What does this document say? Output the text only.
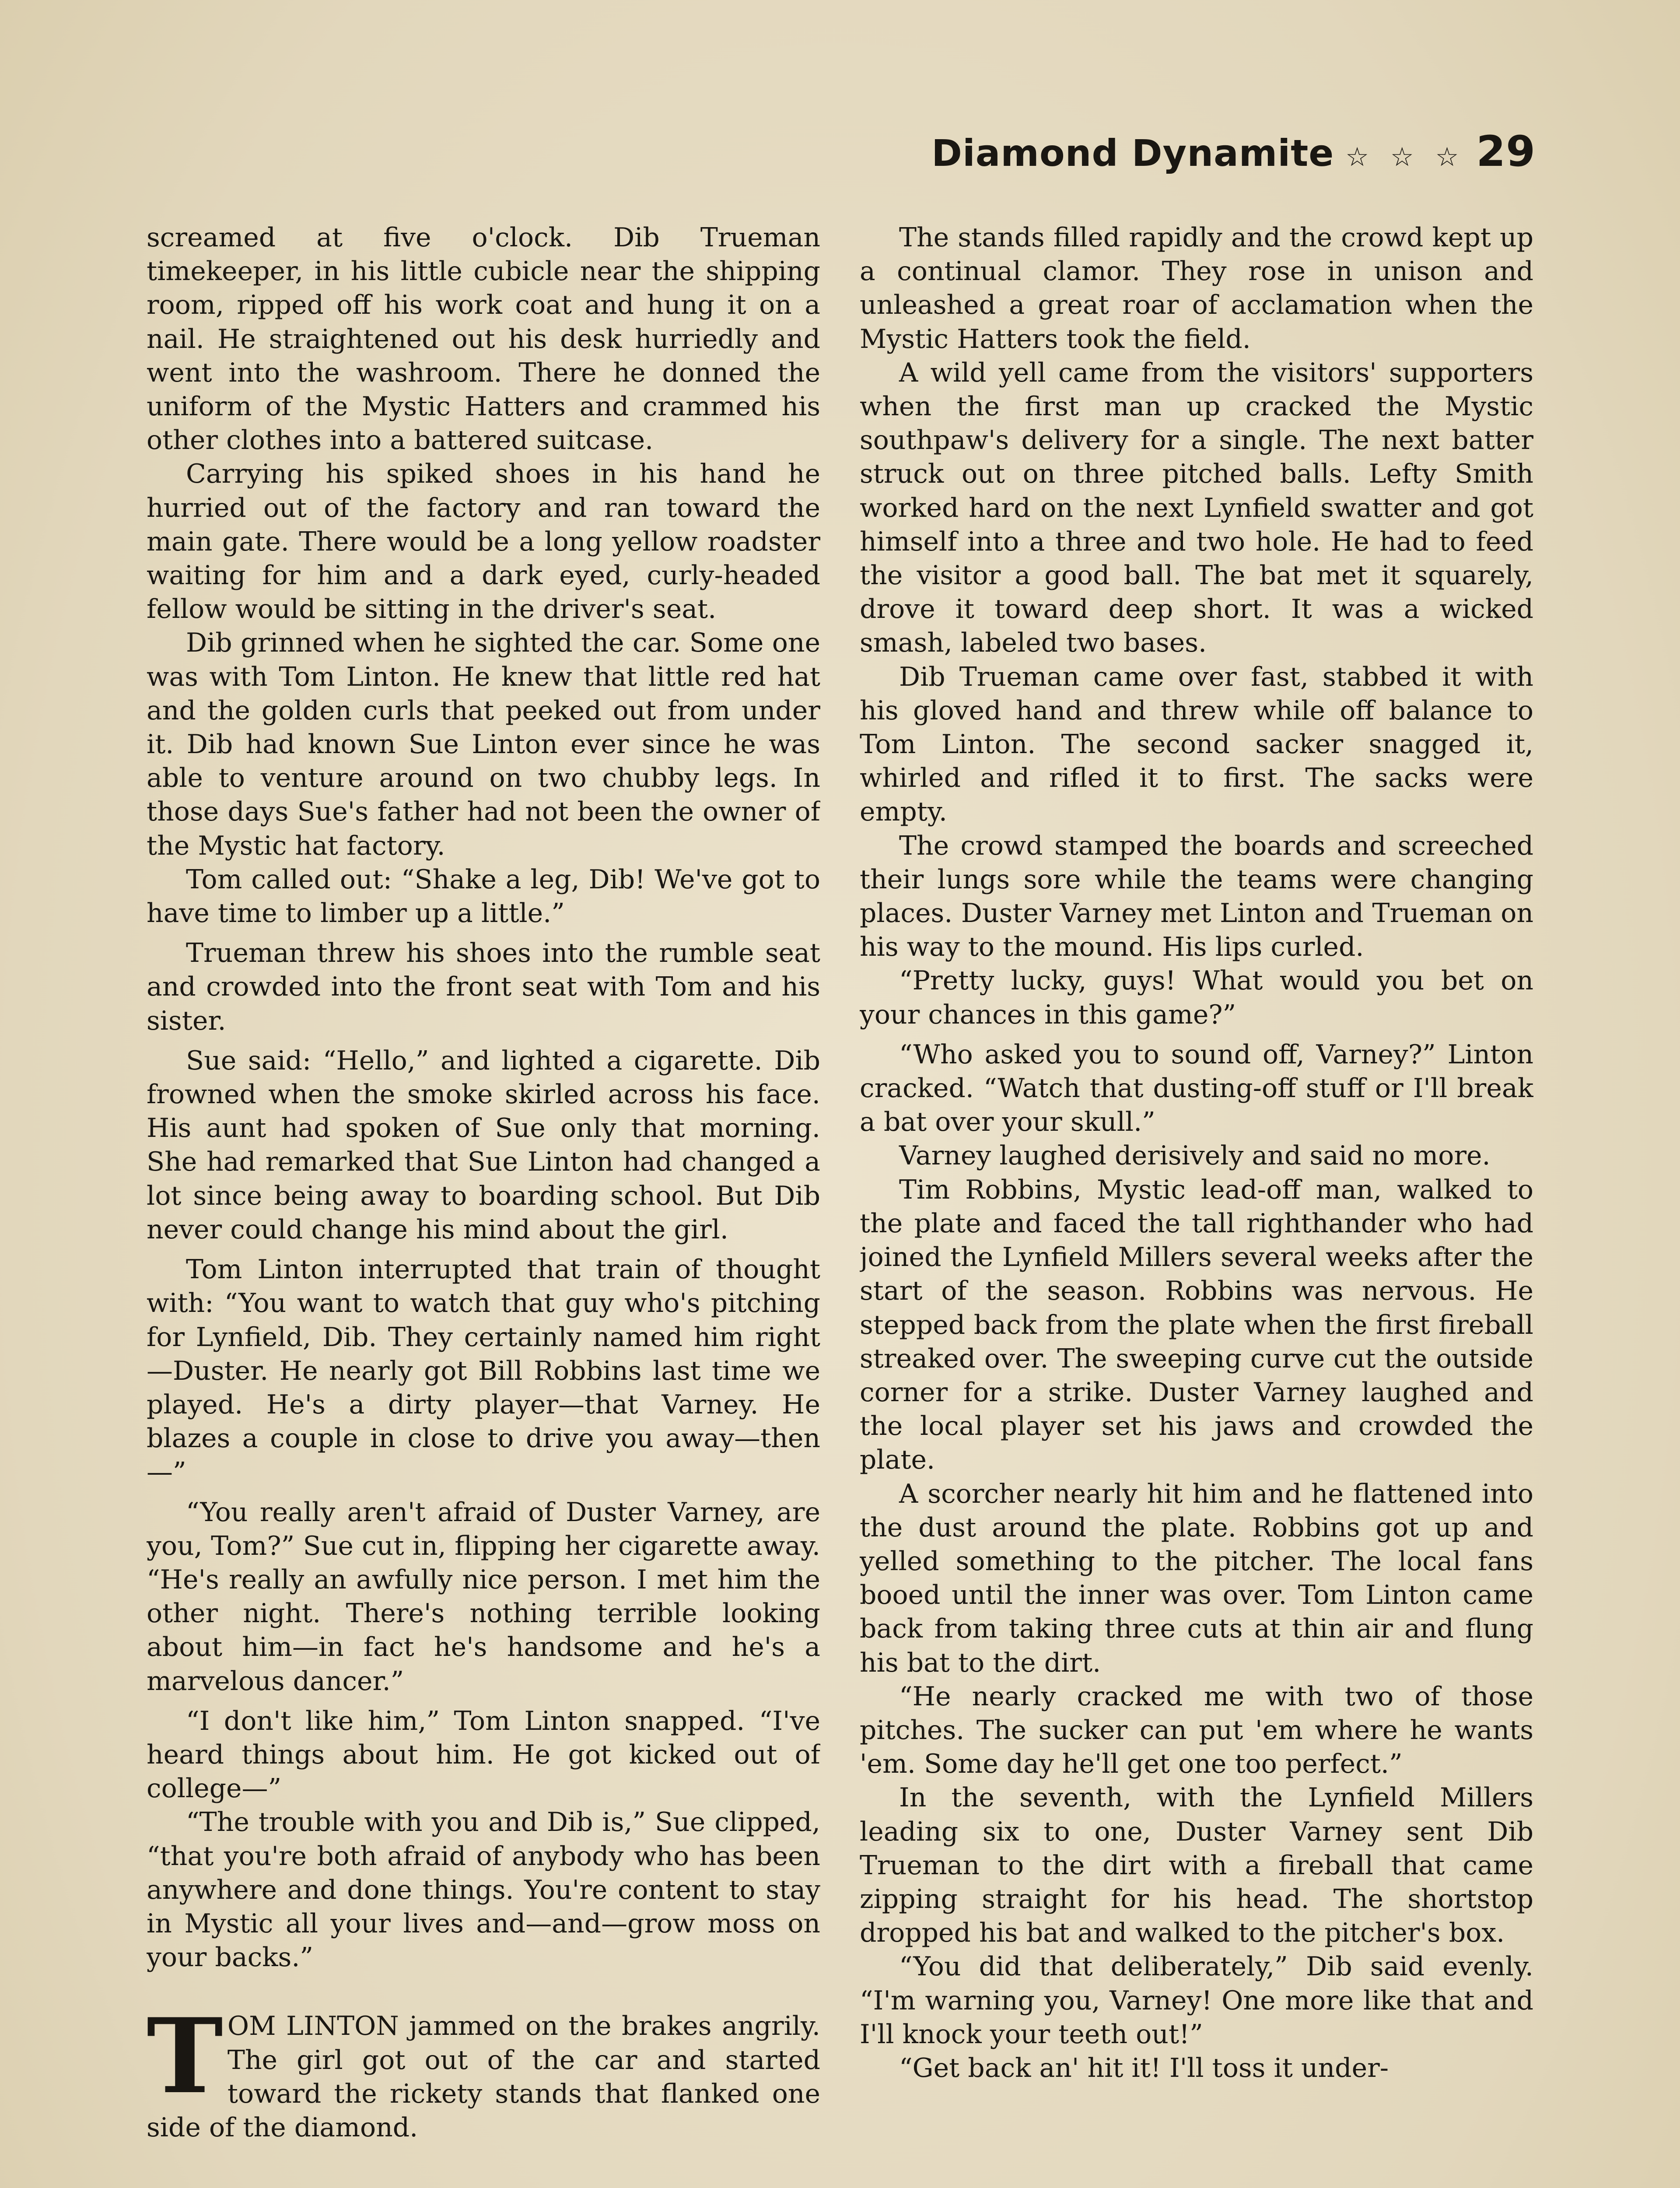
Diamond Dynamite ☆ ☆ ☆ 29

screamed at five o'clock. Dib Trueman timekeeper, in his little cubicle near the shipping room, ripped off his work coat and hung it on a nail. He straightened out his desk hurriedly and went into the washroom. There he donned the uniform of the Mystic Hatters and crammed his other clothes into a battered suitcase.

Carrying his spiked shoes in his hand he hurried out of the factory and ran toward the main gate. There would be a long yellow roadster waiting for him and a dark eyed, curly-headed fellow would be sitting in the driver's seat.

Dib grinned when he sighted the car. Some one was with Tom Linton. He knew that little red hat and the golden curls that peeked out from under it. Dib had known Sue Linton ever since he was able to venture around on two chubby legs. In those days Sue's father had not been the owner of the Mystic hat factory.

Tom called out: “Shake a leg, Dib! We've got to have time to limber up a little.”

Trueman threw his shoes into the rumble seat and crowded into the front seat with Tom and his sister.

Sue said: “Hello,” and lighted a cigarette. Dib frowned when the smoke skirled across his face. His aunt had spoken of Sue only that morning. She had remarked that Sue Linton had changed a lot since being away to boarding school. But Dib never could change his mind about the girl.

Tom Linton interrupted that train of thought with: “You want to watch that guy who's pitching for Lynfield, Dib. They certainly named him right—Duster. He nearly got Bill Robbins last time we played. He's a dirty player—that Varney. He blazes a couple in close to drive you away—then—”

“You really aren't afraid of Duster Varney, are you, Tom?” Sue cut in, flipping her cigarette away. “He's really an awfully nice person. I met him the other night. There's nothing terrible looking about him—in fact he's handsome and he's a marvelous dancer.”

“I don't like him,” Tom Linton snapped. “I've heard things about him. He got kicked out of college—”

“The trouble with you and Dib is,” Sue clipped, “that you're both afraid of anybody who has been anywhere and done things. You're content to stay in Mystic all your lives and—and—grow moss on your backs.”

TOM LINTON jammed on the brakes angrily. The girl got out of the car and started toward the rickety stands that flanked one side of the diamond.

The stands filled rapidly and the crowd kept up a continual clamor. They rose in unison and unleashed a great roar of acclamation when the Mystic Hatters took the field.

A wild yell came from the visitors' supporters when the first man up cracked the Mystic southpaw's delivery for a single. The next batter struck out on three pitched balls. Lefty Smith worked hard on the next Lynfield swatter and got himself into a three and two hole. He had to feed the visitor a good ball. The bat met it squarely, drove it toward deep short. It was a wicked smash, labeled two bases.

Dib Trueman came over fast, stabbed it with his gloved hand and threw while off balance to Tom Linton. The second sacker snagged it, whirled and rifled it to first. The sacks were empty.

The crowd stamped the boards and screeched their lungs sore while the teams were changing places. Duster Varney met Linton and Trueman on his way to the mound. His lips curled.

“Pretty lucky, guys! What would you bet on your chances in this game?”

“Who asked you to sound off, Varney?” Linton cracked. “Watch that dusting-off stuff or I'll break a bat over your skull.”

Varney laughed derisively and said no more.

Tim Robbins, Mystic lead-off man, walked to the plate and faced the tall righthander who had joined the Lynfield Millers several weeks after the start of the season. Robbins was nervous. He stepped back from the plate when the first fireball streaked over. The sweeping curve cut the outside corner for a strike. Duster Varney laughed and the local player set his jaws and crowded the plate.

A scorcher nearly hit him and he flattened into the dust around the plate. Robbins got up and yelled something to the pitcher. The local fans booed until the inner was over. Tom Linton came back from taking three cuts at thin air and flung his bat to the dirt.

“He nearly cracked me with two of those pitches. The sucker can put 'em where he wants 'em. Some day he'll get one too perfect.”

In the seventh, with the Lynfield Millers leading six to one, Duster Varney sent Dib Trueman to the dirt with a fireball that came zipping straight for his head. The shortstop dropped his bat and walked to the pitcher's box.

“You did that deliberately,” Dib said evenly. “I'm warning you, Varney! One more like that and I'll knock your teeth out!”

“Get back an' hit it! I'll toss it under-
